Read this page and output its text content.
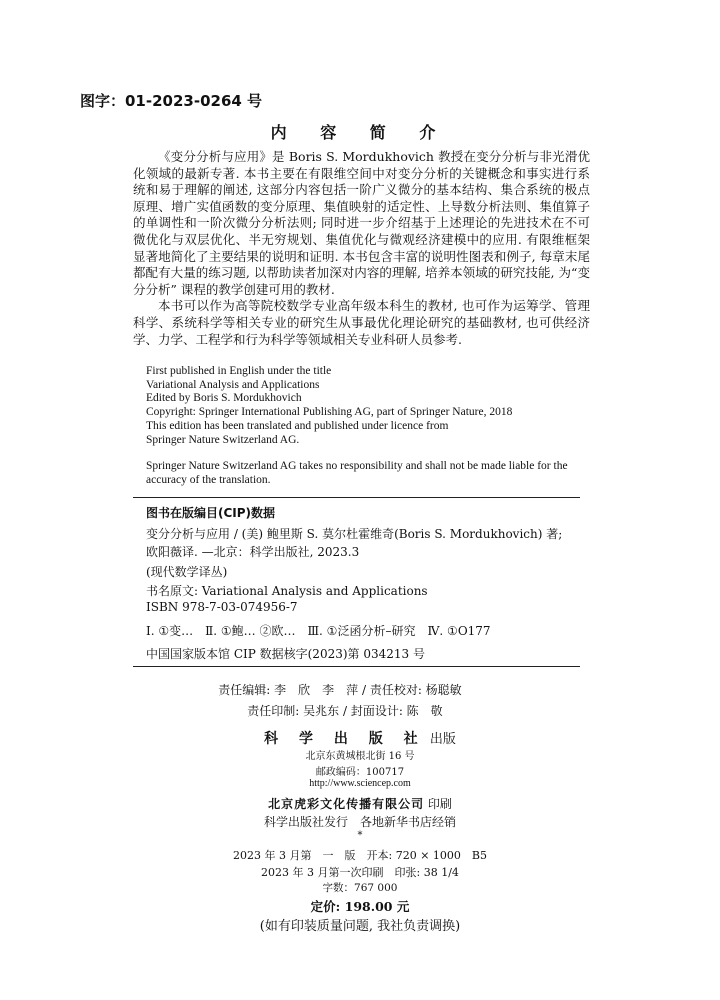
图字：01-2023-0264 号
内 容 简 介

《变分分析与应用》是 Boris S. Mordukhovich 教授在变分分析与非光滑优化领域的最新专著. 本书主要在有限维空间中对变分分析的关键概念和事实进行系统和易于理解的阐述, 这部分内容包括一阶广义微分的基本结构、集合系统的极点原理、增广实值函数的变分原理、集值映射的适定性、上导数分析法则、集值算子的单调性和一阶次微分分析法则; 同时进一步介绍基于上述理论的先进技术在不可微优化与双层优化、半无穷规划、集值优化与微观经济建模中的应用. 有限维框架显著地简化了主要结果的说明和证明. 本书包含丰富的说明性图表和例子, 每章末尾都配有大量的练习题, 以帮助读者加深对内容的理解, 培养本领域的研究技能, 为“变分分析” 课程的教学创建可用的教材.

本书可以作为高等院校数学专业高年级本科生的教材, 也可作为运筹学、管理科学、系统科学等相关专业的研究生从事最优化理论研究的基础教材, 也可供经济学、力学、工程学和行为科学等领域相关专业科研人员参考.

First published in English under the title
Variational Analysis and Applications
Edited by Boris S. Mordukhovich
Copyright: Springer International Publishing AG, part of Springer Nature, 2018
This edition has been translated and published under licence from
Springer Nature Switzerland AG.
Springer Nature Switzerland AG takes no responsibility and shall not be made liable for the accuracy of the translation.
图书在版编目(CIP)数据
变分分析与应用 / (美) 鲍里斯 S. 莫尔杜霍维奇(Boris S. Mordukhovich) 著;
欧阳薇译. —北京：科学出版社, 2023.3
(现代数学译丛)
书名原文: Variational Analysis and Applications
ISBN 978-7-03-074956-7
Ⅰ. ①变…　Ⅱ. ①鲍… ②欧…　Ⅲ. ①泛函分析–研究　Ⅳ. ①O177
中国国家版本馆 CIP 数据核字(2023)第 034213 号
责任编辑: 李　欣　李　萍 / 责任校对: 杨聪敏
责任印制: 吴兆东 / 封面设计: 陈　敬
科 学 出 版 社 出版
北京东黄城根北街 16 号
邮政编码：100717
http://www.sciencep.com
北京虎彩文化传播有限公司 印刷
科学出版社发行　各地新华书店经销
*
2023 年 3 月第　一　版　开本: 720 × 1000　B5
2023 年 3 月第一次印刷　印张: 38 1/4
字数：767 000
定价: 198.00 元
(如有印装质量问题, 我社负责调换)
